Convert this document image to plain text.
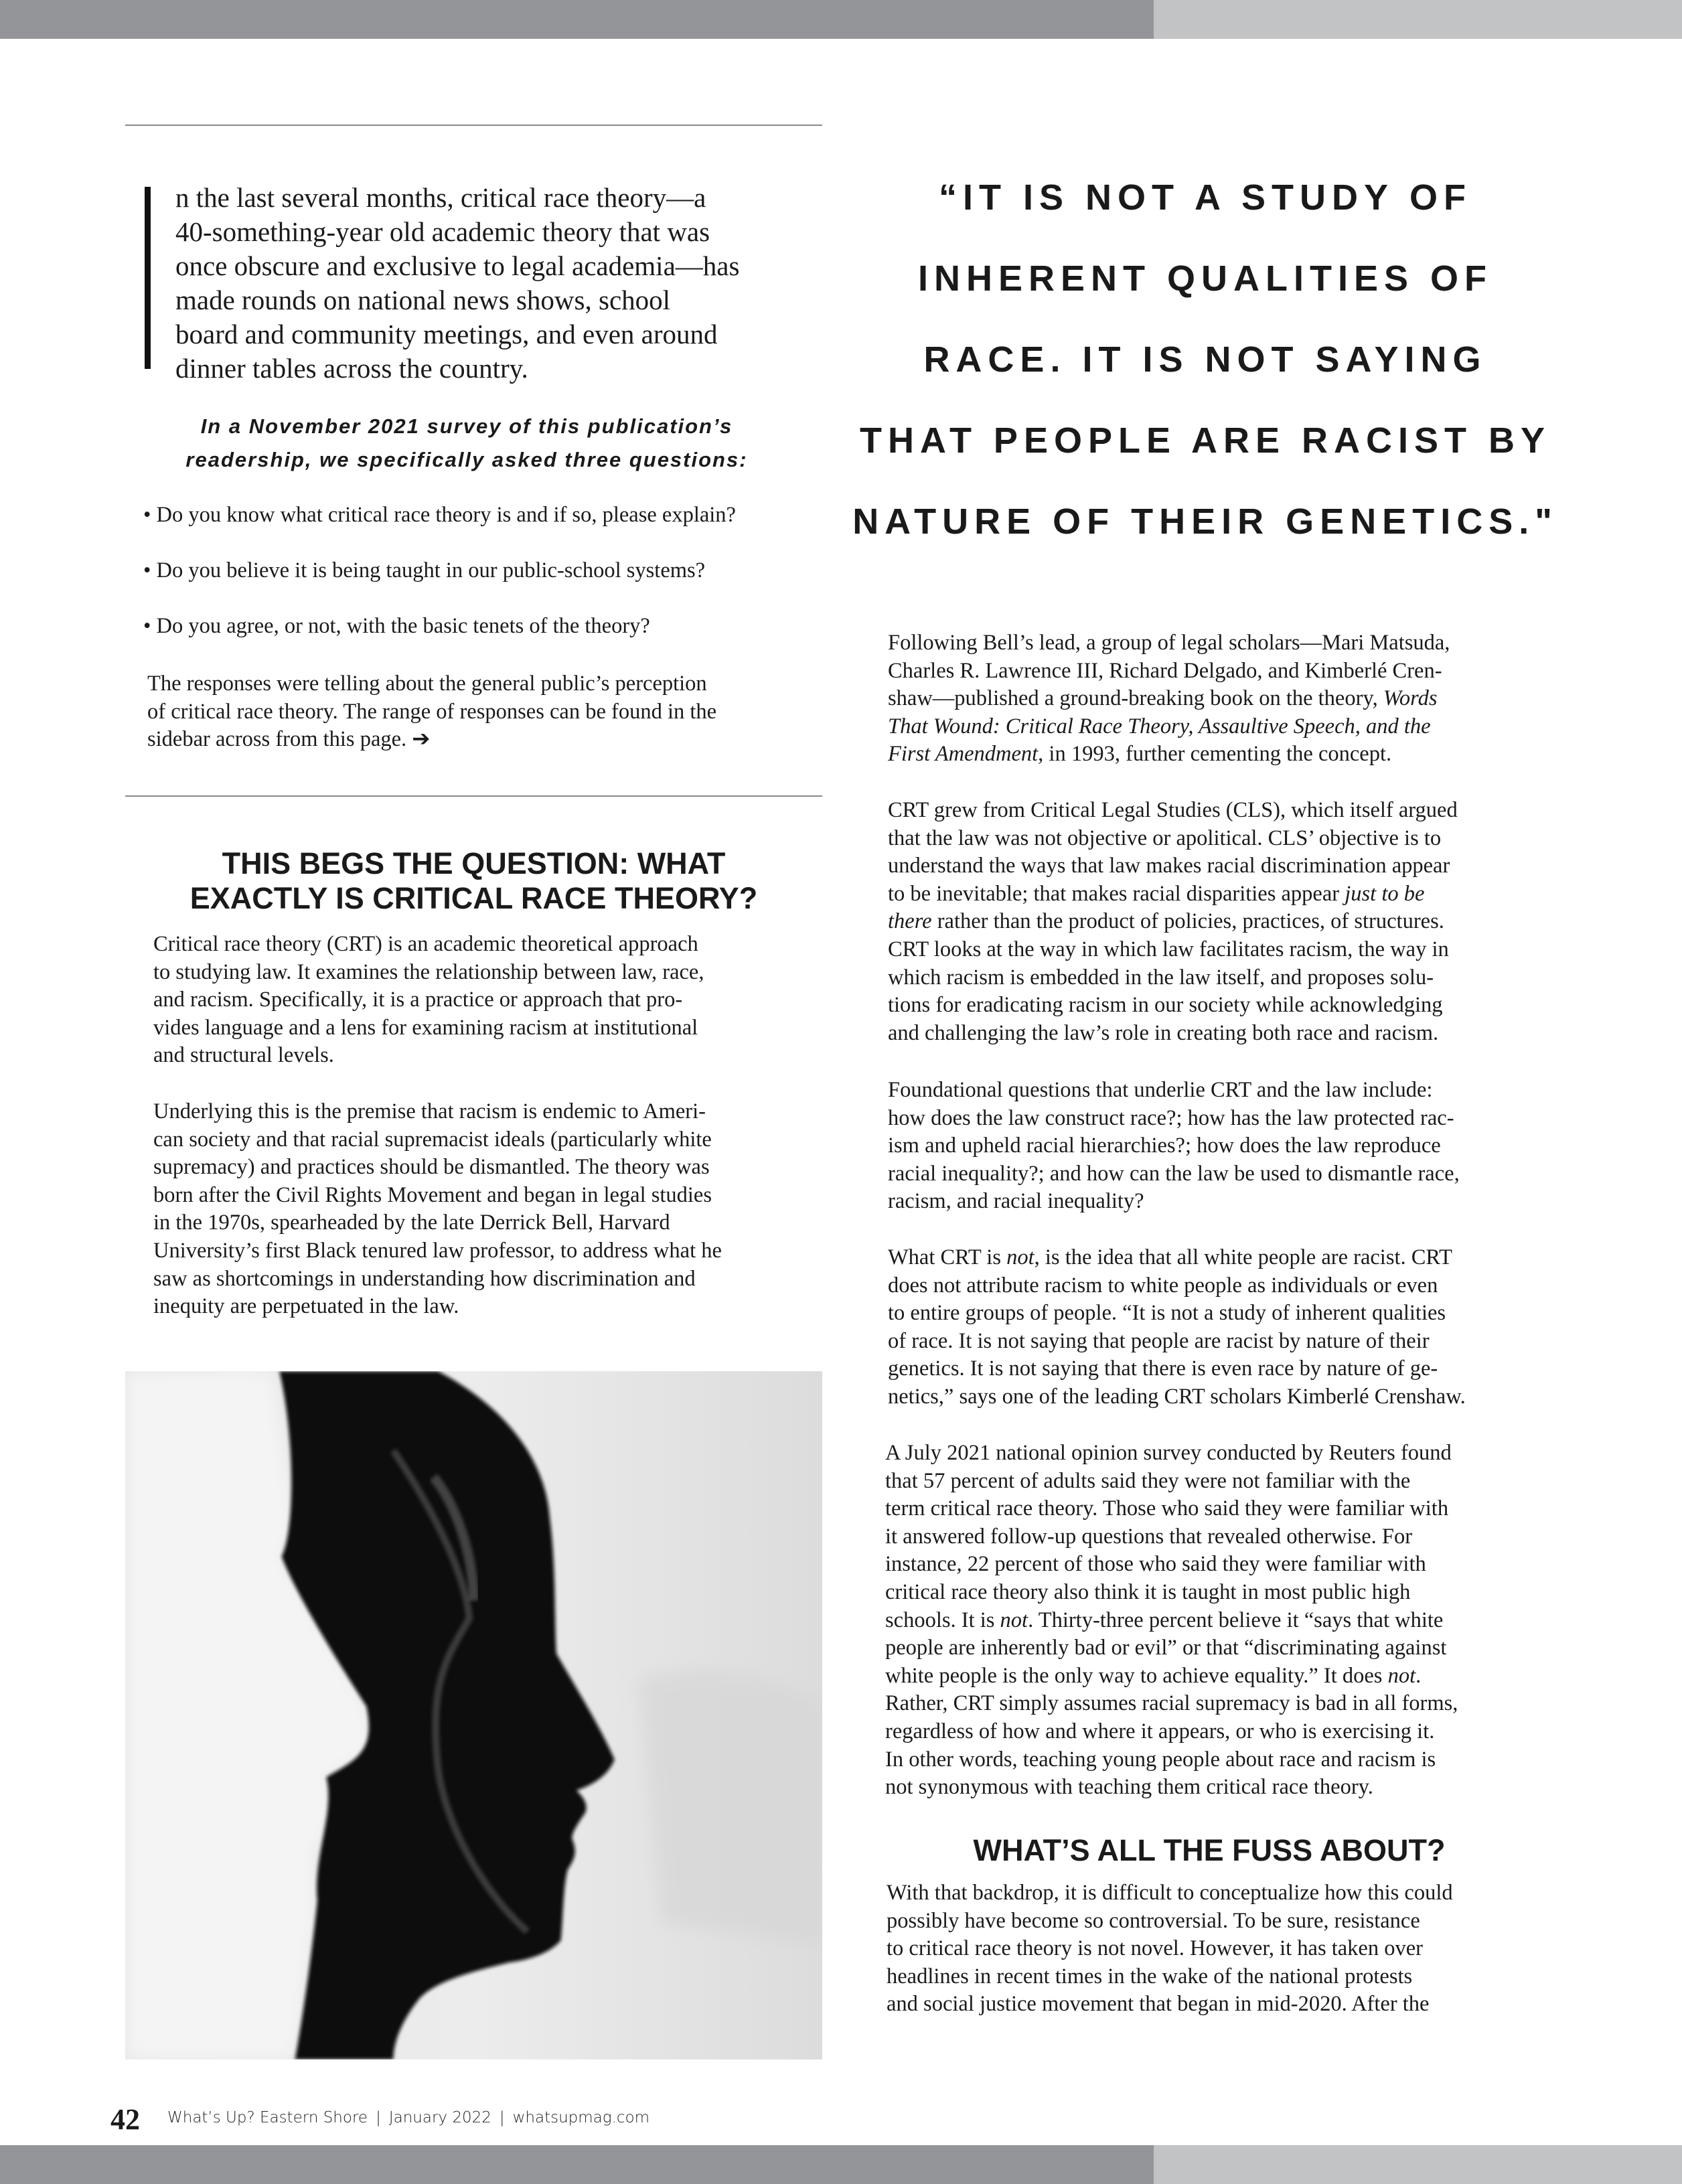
n the last several months, critical race theory—a
40-something-year old academic theory that was
once obscure and exclusive to legal academia—has
made rounds on national news shows, school
board and community meetings, and even around
dinner tables across the country.
In a November 2021 survey of this publication’s
readership, we specifically asked three questions:
• Do you know what critical race theory is and if so, please explain?
• Do you believe it is being taught in our public-school systems?
• Do you agree, or not, with the basic tenets of the theory?
The responses were telling about the general public’s perception
of critical race theory. The range of responses can be found in the
sidebar across from this page. ➔
THIS BEGS THE QUESTION: WHAT
EXACTLY IS CRITICAL RACE THEORY?
Critical race theory (CRT) is an academic theoretical approach
to studying law. It examines the relationship between law, race,
and racism. Specifically, it is a practice or approach that pro-
vides language and a lens for examining racism at institutional
and structural levels.
Underlying this is the premise that racism is endemic to Ameri-
can society and that racial supremacist ideals (particularly white
supremacy) and practices should be dismantled. The theory was
born after the Civil Rights Movement and began in legal studies
in the 1970s, spearheaded by the late Derrick Bell, Harvard
University’s first Black tenured law professor, to address what he
saw as shortcomings in understanding how discrimination and
inequity are perpetuated in the law.
“IT IS NOT A STUDY OF
INHERENT QUALITIES OF
RACE. IT IS NOT SAYING
THAT PEOPLE ARE RACIST BY
NATURE OF THEIR GENETICS."
Following Bell’s lead, a group of legal scholars—Mari Matsuda,
Charles R. Lawrence III, Richard Delgado, and Kimberlé Cren-
shaw—published a ground-breaking book on the theory, Words
That Wound: Critical Race Theory, Assaultive Speech, and the
First Amendment, in 1993, further cementing the concept.
CRT grew from Critical Legal Studies (CLS), which itself argued
that the law was not objective or apolitical. CLS’ objective is to
understand the ways that law makes racial discrimination appear
to be inevitable; that makes racial disparities appear just to be
there rather than the product of policies, practices, of structures.
CRT looks at the way in which law facilitates racism, the way in
which racism is embedded in the law itself, and proposes solu-
tions for eradicating racism in our society while acknowledging
and challenging the law’s role in creating both race and racism.
Foundational questions that underlie CRT and the law include:
how does the law construct race?; how has the law protected rac-
ism and upheld racial hierarchies?; how does the law reproduce
racial inequality?; and how can the law be used to dismantle race,
racism, and racial inequality?
What CRT is not, is the idea that all white people are racist. CRT
does not attribute racism to white people as individuals or even
to entire groups of people. “It is not a study of inherent qualities
of race. It is not saying that people are racist by nature of their
genetics. It is not saying that there is even race by nature of ge-
netics,” says one of the leading CRT scholars Kimberlé Crenshaw.
A July 2021 national opinion survey conducted by Reuters found
that 57 percent of adults said they were not familiar with the
term critical race theory. Those who said they were familiar with
it answered follow-up questions that revealed otherwise. For
instance, 22 percent of those who said they were familiar with
critical race theory also think it is taught in most public high
schools. It is not. Thirty-three percent believe it “says that white
people are inherently bad or evil” or that “discriminating against
white people is the only way to achieve equality.” It does not.
Rather, CRT simply assumes racial supremacy is bad in all forms,
regardless of how and where it appears, or who is exercising it.
In other words, teaching young people about race and racism is
not synonymous with teaching them critical race theory.
WHAT’S ALL THE FUSS ABOUT?
With that backdrop, it is difficult to conceptualize how this could
possibly have become so controversial. To be sure, resistance
to critical race theory is not novel. However, it has taken over
headlines in recent times in the wake of the national protests
and social justice movement that began in mid-2020. After the
42 What’s Up? Eastern Shore | January 2022 | whatsupmag.com
